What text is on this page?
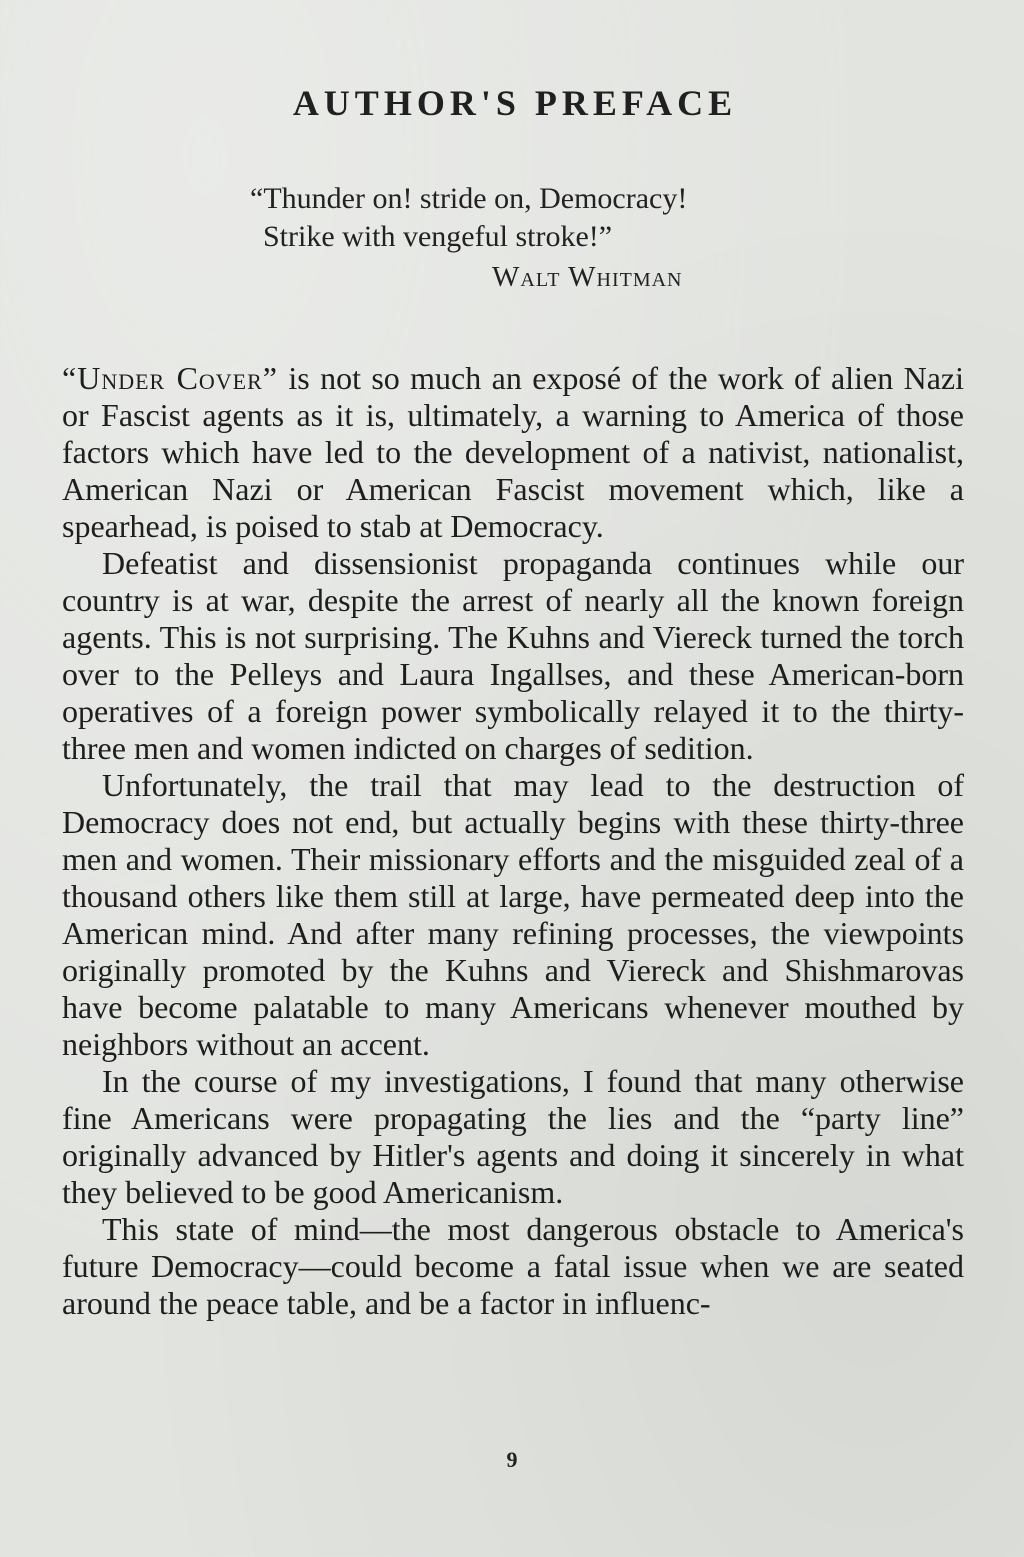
AUTHOR'S PREFACE
“Thunder on! stride on, Democracy!
Strike with vengeful stroke!”
Walt Whitman

“Under Cover” is not so much an exposé of the work of alien Nazi or Fascist agents as it is, ultimately, a warning to America of those factors which have led to the development of a nativist, nationalist, American Nazi or American Fascist movement which, like a spearhead, is poised to stab at Democracy.

Defeatist and dissensionist propaganda continues while our country is at war, despite the arrest of nearly all the known foreign agents. This is not surprising. The Kuhns and Viereck turned the torch over to the Pelleys and Laura Ingallses, and these American-born operatives of a foreign power symbolically relayed it to the thirty-three men and women indicted on charges of sedition.

Unfortunately, the trail that may lead to the destruction of Democracy does not end, but actually begins with these thirty-three men and women. Their missionary efforts and the misguided zeal of a thousand others like them still at large, have permeated deep into the American mind. And after many refining processes, the viewpoints originally promoted by the Kuhns and Viereck and Shishmarovas have become palatable to many Americans whenever mouthed by neighbors without an accent.

In the course of my investigations, I found that many otherwise fine Americans were propagating the lies and the “party line” originally advanced by Hitler's agents and doing it sincerely in what they believed to be good Americanism.

This state of mind—the most dangerous obstacle to America's future Democracy—could become a fatal issue when we are seated around the peace table, and be a factor in influenc-

9
